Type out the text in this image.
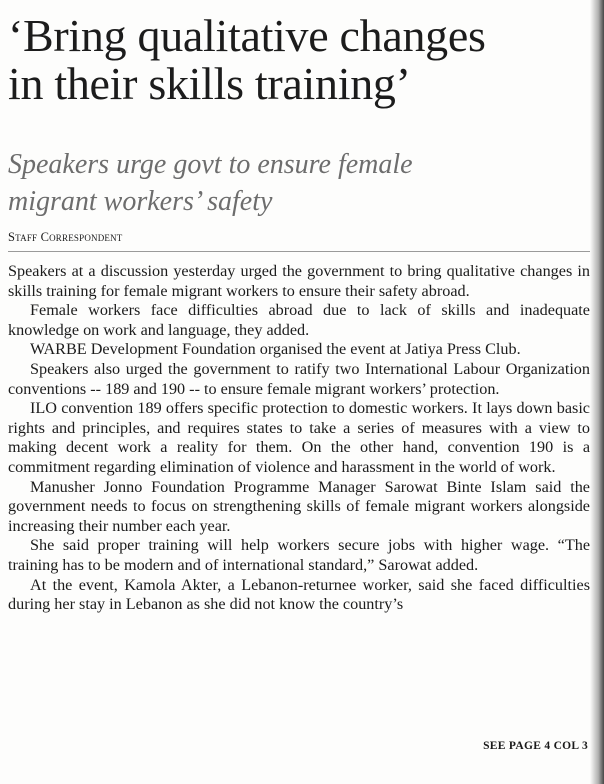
‘Bring qualitative changes
in their skills training’
Speakers urge govt to ensure female
migrant workers’ safety
Staff Correspondent

Speakers at a discussion yesterday urged the government to bring qualitative changes in skills training for female migrant workers to ensure their safety abroad.

Female workers face difficulties abroad due to lack of skills and inadequate knowledge on work and language, they added.

WARBE Development Foundation organised the event at Jatiya Press Club.

Speakers also urged the government to ratify two International Labour Organization conventions -- 189 and 190 -- to ensure female migrant workers’ protection.

ILO convention 189 offers specific protection to domestic workers. It lays down basic rights and principles, and requires states to take a series of measures with a view to making decent work a reality for them. On the other hand, convention 190 is a commitment regarding elimination of violence and harassment in the world of work.

Manusher Jonno Foundation Programme Manager Sarowat Binte Islam said the government needs to focus on strengthening skills of female migrant workers alongside increasing their number each year.

She said proper training will help workers secure jobs with higher wage. “The training has to be modern and of international standard,” Sarowat added.

At the event, Kamola Akter, a Lebanon-returnee worker, said she faced difficulties during her stay in Lebanon as she did not know the country’s

SEE PAGE 4 COL 3
